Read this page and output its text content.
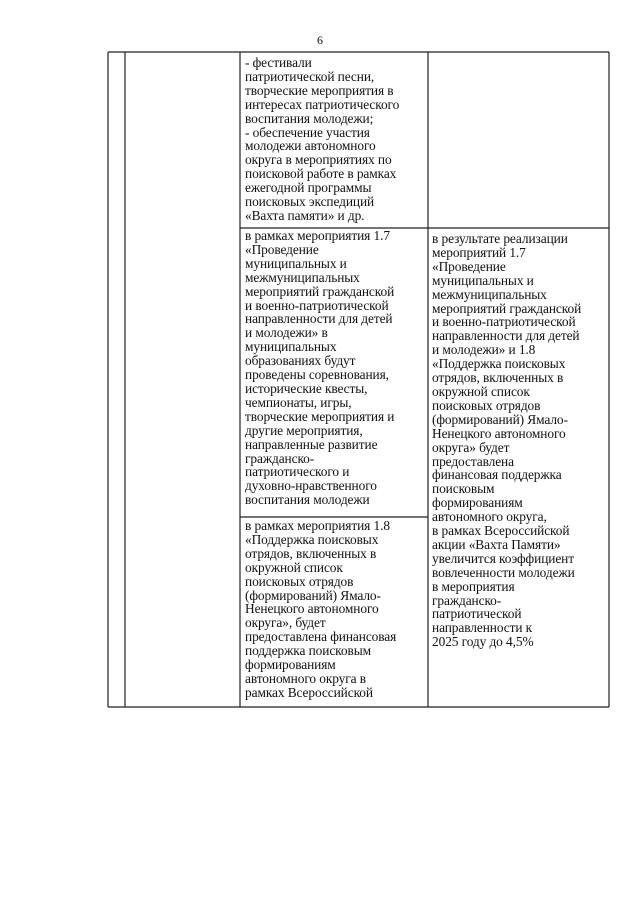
6
- фестивали
патриотической песни,
творческие мероприятия в
интересах патриотического
воспитания молодежи;
- обеспечение участия
молодежи автономного
округа в мероприятиях по
поисковой работе в рамках
ежегодной программы
поисковых экспедиций
«Вахта памяти» и др.
в рамках мероприятия 1.7
«Проведение
муниципальных и
межмуниципальных
мероприятий гражданской
и военно-патриотической
направленности для детей
и молодежи» в
муниципальных
образованиях будут
проведены соревнования,
исторические квесты,
чемпионаты, игры,
творческие мероприятия и
другие мероприятия,
направленные развитие
гражданско-
патриотического и
духовно-нравственного
воспитания молодежи
в рамках мероприятия 1.8
«Поддержка поисковых
отрядов, включенных в
окружной список
поисковых отрядов
(формирований) Ямало-
Ненецкого автономного
округа», будет
предоставлена финансовая
поддержка поисковым
формированиям
автономного округа в
рамках Всероссийской
в результате реализации
мероприятий 1.7
«Проведение
муниципальных и
межмуниципальных
мероприятий гражданской
и военно-патриотической
направленности для детей
и молодежи» и 1.8
«Поддержка поисковых
отрядов, включенных в
окружной список
поисковых отрядов
(формирований) Ямало-
Ненецкого автономного
округа» будет
предоставлена
финансовая поддержка
поисковым
формированиям
автономного округа,
в рамках Всероссийской
акции «Вахта Памяти»
увеличится коэффициент
вовлеченности молодежи
в мероприятия
гражданско-
патриотической
направленности к
2025 году до 4,5%
